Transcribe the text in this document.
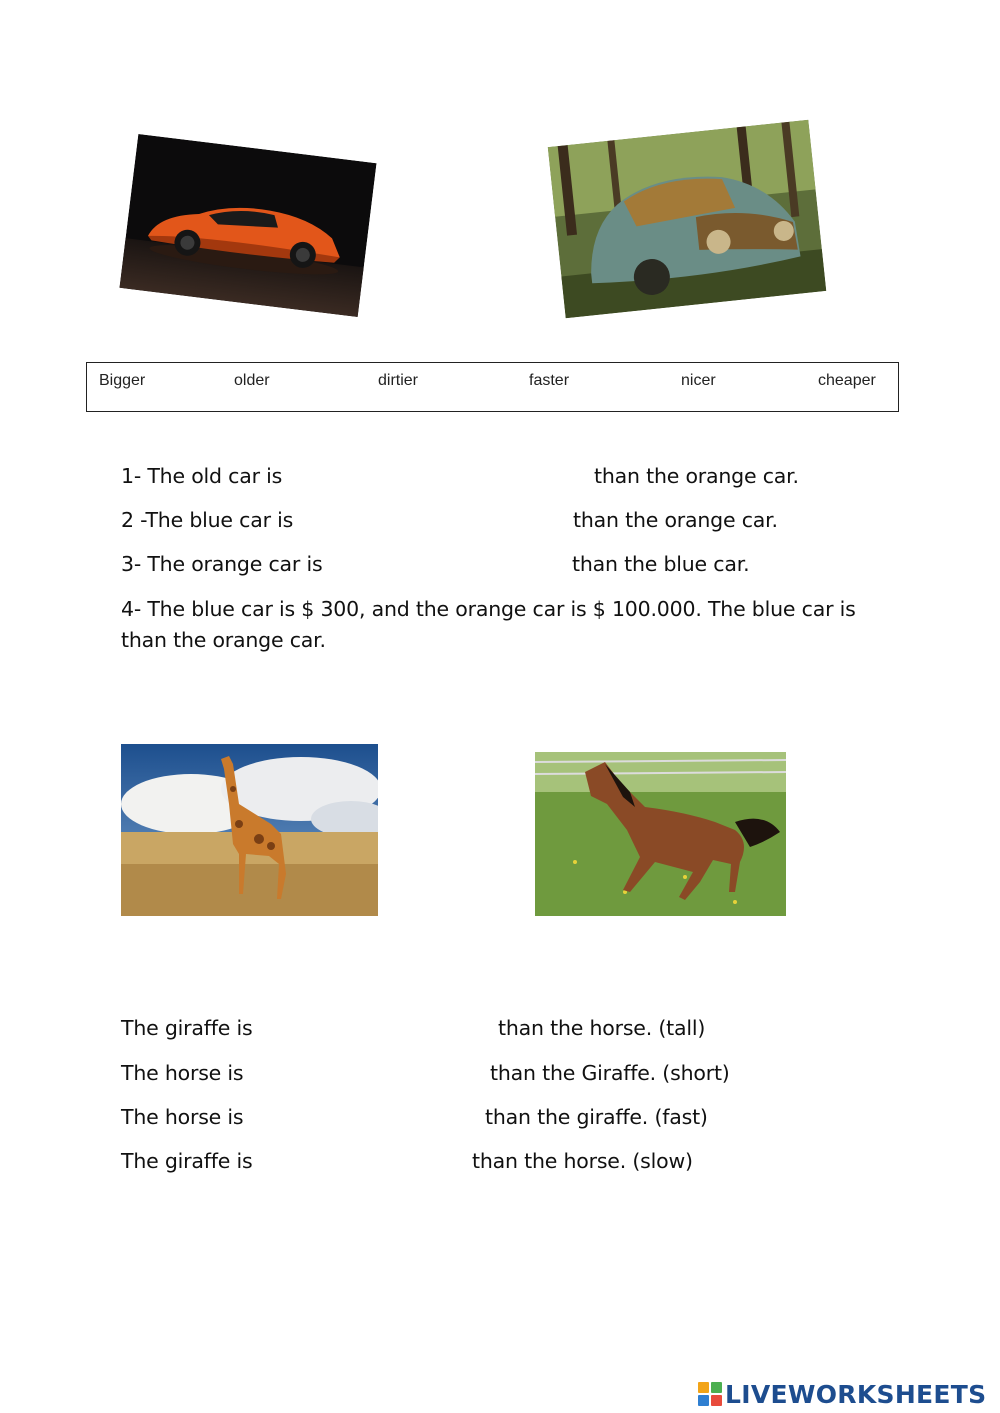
Bigger	older	dirtier	faster	nicer	cheaper
1- The old car is	than the orange car.
2 -The blue car is	than the orange car.
3- The orange car is	than the blue car.
4- The blue car is $ 300, and the orange car is $ 100.000. The blue car is
than the orange car.
The giraffe is	than the horse. (tall)
The horse is	than the Giraffe. (short)
The horse is	than the giraffe. (fast)
The giraffe is	than the horse. (slow)
LIVEWORKSHEETS
